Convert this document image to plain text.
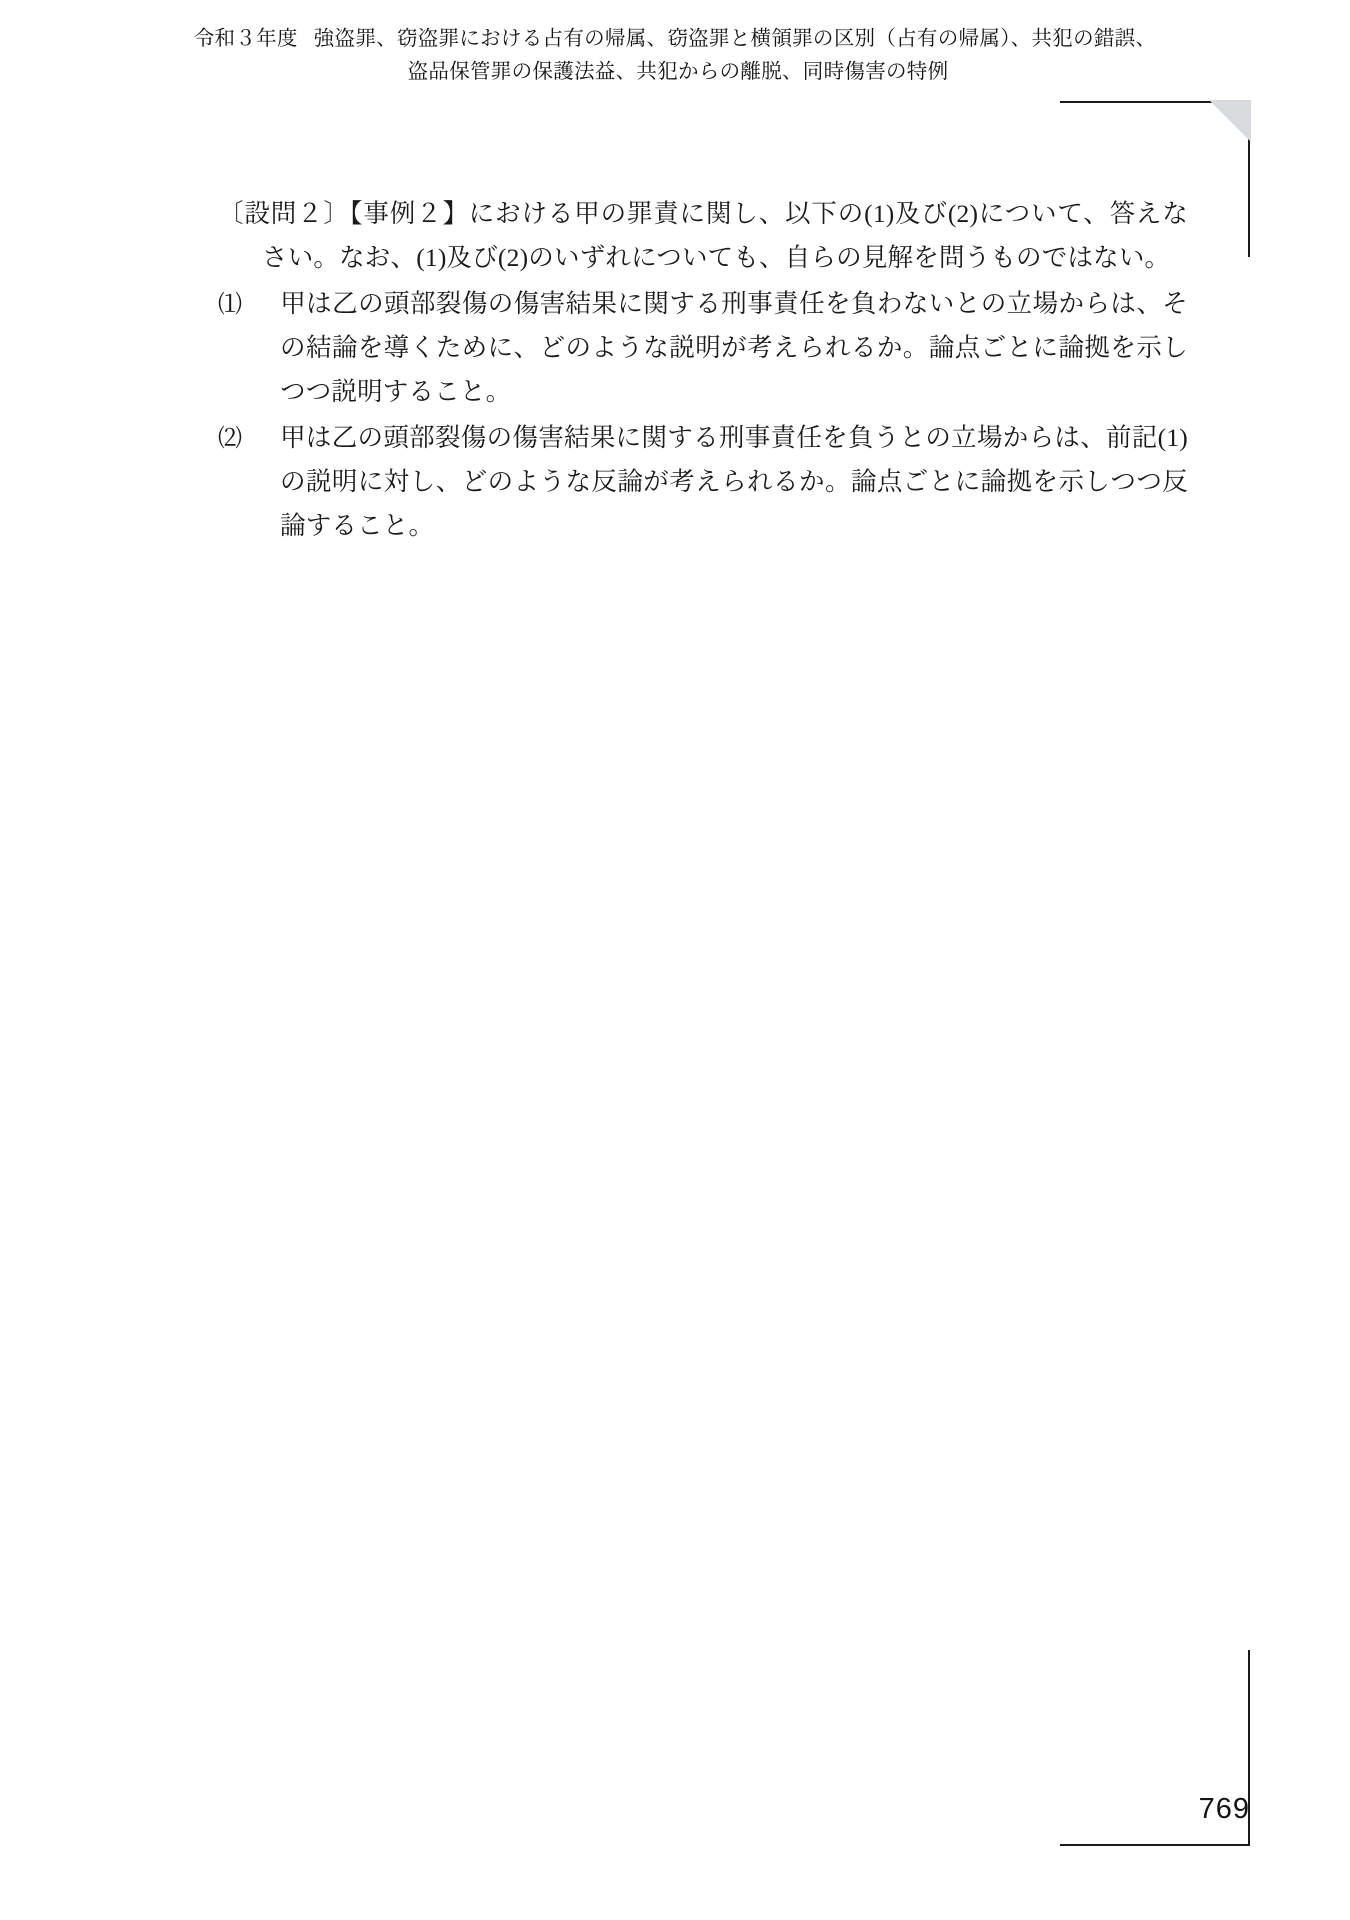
令和３年度 強盗罪、窃盗罪における占有の帰属、窃盗罪と横領罪の区別（占有の帰属）、共犯の錯誤、
盗品保管罪の保護法益、共犯からの離脱、同時傷害の特例

〔設問２〕【事例２】における甲の罪責に関し、以下の(1)及び(2)について、答えなさい。なお、(1)及び(2)のいずれについても、自らの見解を問うものではない。

⑴ 甲は乙の頭部裂傷の傷害結果に関する刑事責任を負わないとの立場からは、その結論を導くために、どのような説明が考えられるか。論点ごとに論拠を示しつつ説明すること。

⑵ 甲は乙の頭部裂傷の傷害結果に関する刑事責任を負うとの立場からは、前記(1)の説明に対し、どのような反論が考えられるか。論点ごとに論拠を示しつつ反論すること。

769
